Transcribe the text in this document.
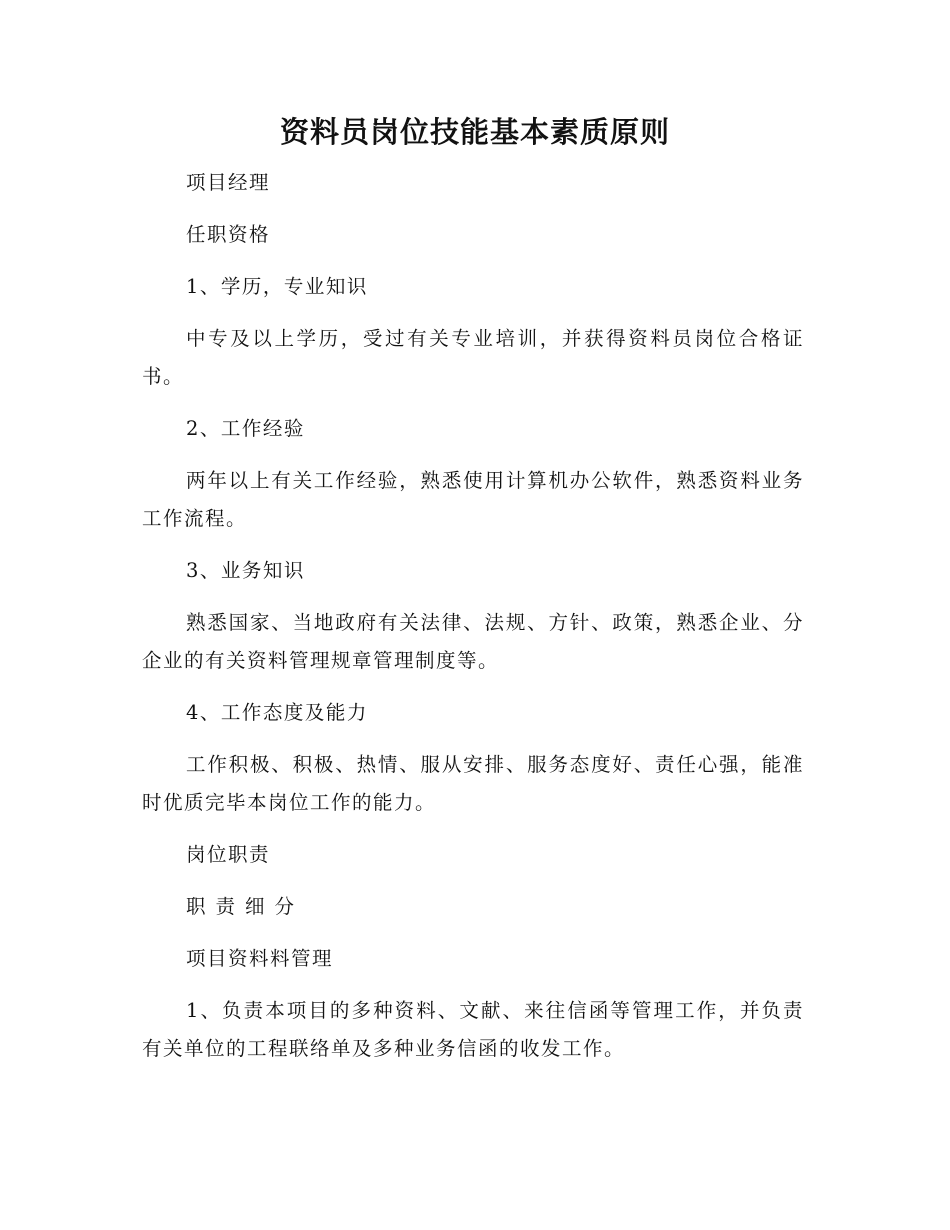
资料员岗位技能基本素质原则

项目经理

任职资格

1、学历，专业知识

中专及以上学历，受过有关专业培训，并获得资料员岗位合格证书。

2、工作经验

两年以上有关工作经验，熟悉使用计算机办公软件，熟悉资料业务工作流程。

3、业务知识

熟悉国家、当地政府有关法律、法规、方针、政策，熟悉企业、分企业的有关资料管理规章管理制度等。

4、工作态度及能力

工作积极、积极、热情、服从安排、服务态度好、责任心强，能准时优质完毕本岗位工作的能力。

岗位职责

职责细分

项目资料料管理

1、负责本项目的多种资料、文献、来往信函等管理工作，并负责有关单位的工程联络单及多种业务信函的收发工作。
